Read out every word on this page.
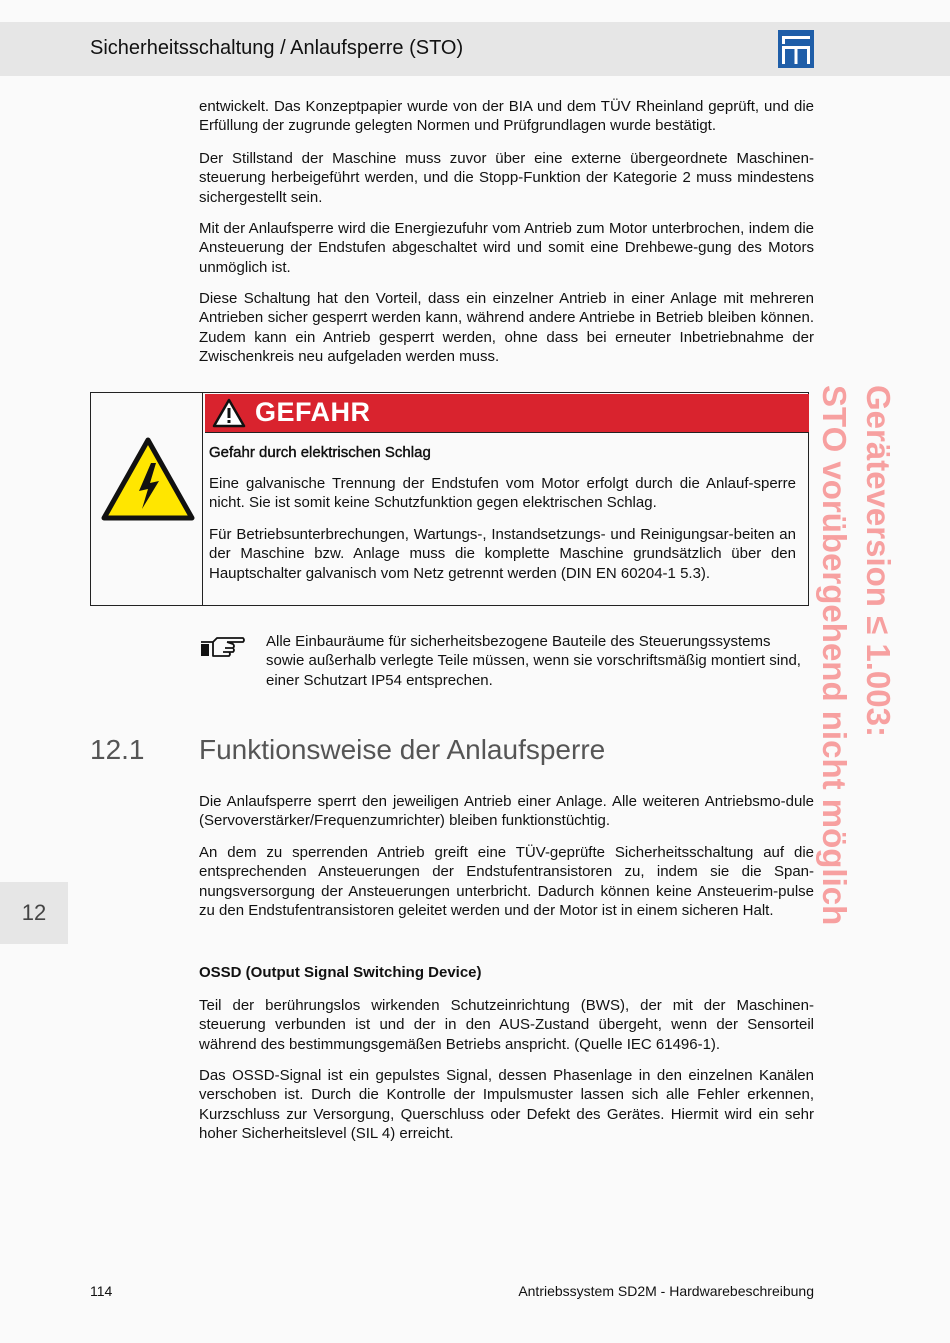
Sicherheitsschaltung / Anlaufsperre (STO)

entwickelt. Das Konzeptpapier wurde von der BIA und dem TÜV Rheinland geprüft, und die Erfüllung der zugrunde gelegten Normen und Prüfgrundlagen wurde bestätigt.

Der Stillstand der Maschine muss zuvor über eine externe übergeordnete Maschinen-steuerung herbeigeführt werden, und die Stopp-Funktion der Kategorie 2 muss mindestens sichergestellt sein.

Mit der Anlaufsperre wird die Energiezufuhr vom Antrieb zum Motor unterbrochen, indem die Ansteuerung der Endstufen abgeschaltet wird und somit eine Drehbewe-gung des Motors unmöglich ist.

Diese Schaltung hat den Vorteil, dass ein einzelner Antrieb in einer Anlage mit mehreren Antrieben sicher gesperrt werden kann, während andere Antriebe in Betrieb bleiben können. Zudem kann ein Antrieb gesperrt werden, ohne dass bei erneuter Inbetriebnahme der Zwischenkreis neu aufgeladen werden muss.

GEFAHR
Gefahr durch elektrischen Schlag

Eine galvanische Trennung der Endstufen vom Motor erfolgt durch die Anlauf-sperre nicht. Sie ist somit keine Schutzfunktion gegen elektrischen Schlag.

Für Betriebsunterbrechungen, Wartungs-, Instandsetzungs- und Reinigungsar-beiten an der Maschine bzw. Anlage muss die komplette Maschine grundsätzlich über den Hauptschalter galvanisch vom Netz getrennt werden (DIN EN 60204-1 5.3).

Alle Einbauräume für sicherheitsbezogene Bauteile des Steuerungssystems sowie außerhalb verlegte Teile müssen, wenn sie vorschriftsmäßig montiert sind, einer Schutzart IP54 entsprechen.

12.1 Funktionsweise der Anlaufsperre

Die Anlaufsperre sperrt den jeweiligen Antrieb einer Anlage. Alle weiteren Antriebsmo-dule (Servoverstärker/Frequenzumrichter) bleiben funktionstüchtig.

An dem zu sperrenden Antrieb greift eine TÜV-geprüfte Sicherheitsschaltung auf die entsprechenden Ansteuerungen der Endstufentransistoren zu, indem sie die Span-nungsversorgung der Ansteuerungen unterbricht. Dadurch können keine Ansteuerim-pulse zu den Endstufentransistoren geleitet werden und der Motor ist in einem sicheren Halt.

OSSD (Output Signal Switching Device)

Teil der berührungslos wirkenden Schutzeinrichtung (BWS), der mit der Maschinen-steuerung verbunden ist und der in den AUS-Zustand übergeht, wenn der Sensorteil während des bestimmungsgemäßen Betriebs anspricht. (Quelle IEC 61496-1).

Das OSSD-Signal ist ein gepulstes Signal, dessen Phasenlage in den einzelnen Kanälen verschoben ist. Durch die Kontrolle der Impulsmuster lassen sich alle Fehler erkennen, Kurzschluss zur Versorgung, Querschluss oder Defekt des Gerätes. Hiermit wird ein sehr hoher Sicherheitslevel (SIL 4) erreicht.

12
Geräteversion ≤ 1.003:
STO vorübergehend nicht möglich
114	Antriebssystem SD2M - Hardwarebeschreibung
